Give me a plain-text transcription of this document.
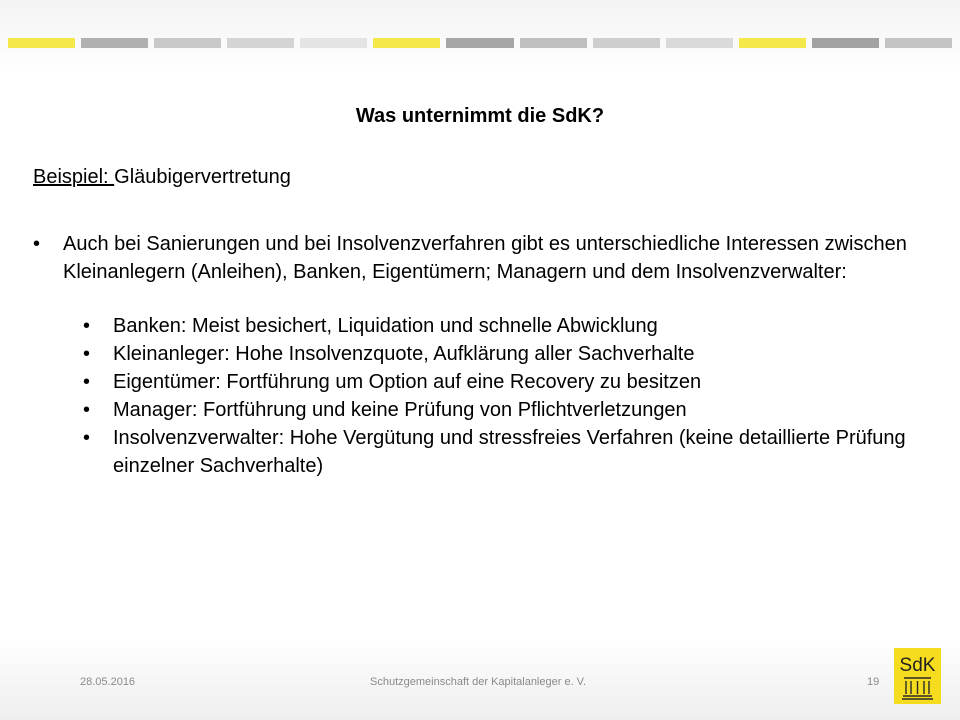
Was unternimmt die SdK?

Beispiel: Gläubigervertretung

• Auch bei Sanierungen und bei Insolvenzverfahren gibt es unterschiedliche Interessen zwischen Kleinanlegern (Anleihen), Banken, Eigentümern; Managern und dem Insolvenzverwalter:
• Banken: Meist besichert, Liquidation und schnelle Abwicklung
• Kleinanleger: Hohe Insolvenzquote, Aufklärung aller Sachverhalte
• Eigentümer: Fortführung um Option auf eine Recovery zu besitzen
• Manager: Fortführung und keine Prüfung von Pflichtverletzungen
• Insolvenzverwalter: Hohe Vergütung und stressfreies Verfahren (keine detaillierte Prüfung einzelner Sachverhalte)

28.05.2016	Schutzgemeinschaft der Kapitalanleger e. V.	19

SdK
